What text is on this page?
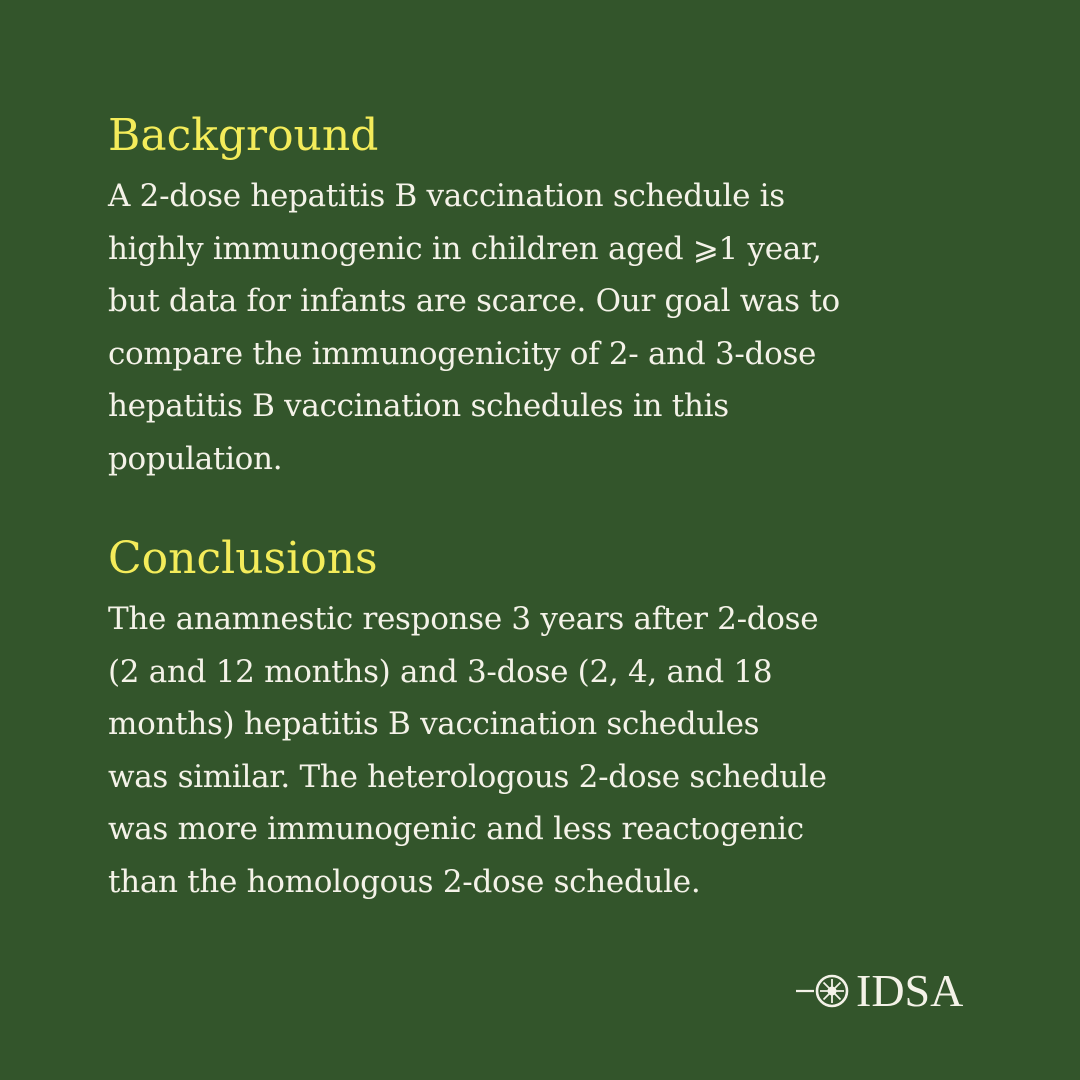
Background

A 2-dose hepatitis B vaccination schedule is
highly immunogenic in children aged ⩾1 year,
but data for infants are scarce. Our goal was to
compare the immunogenicity of 2- and 3-dose
hepatitis B vaccination schedules in this
population.

Conclusions

The anamnestic response 3 years after 2-dose
(2 and 12 months) and 3-dose (2, 4, and 18
months) hepatitis B vaccination schedules
was similar. The heterologous 2-dose schedule
was more immunogenic and less reactogenic
than the homologous 2-dose schedule.

IDSA
